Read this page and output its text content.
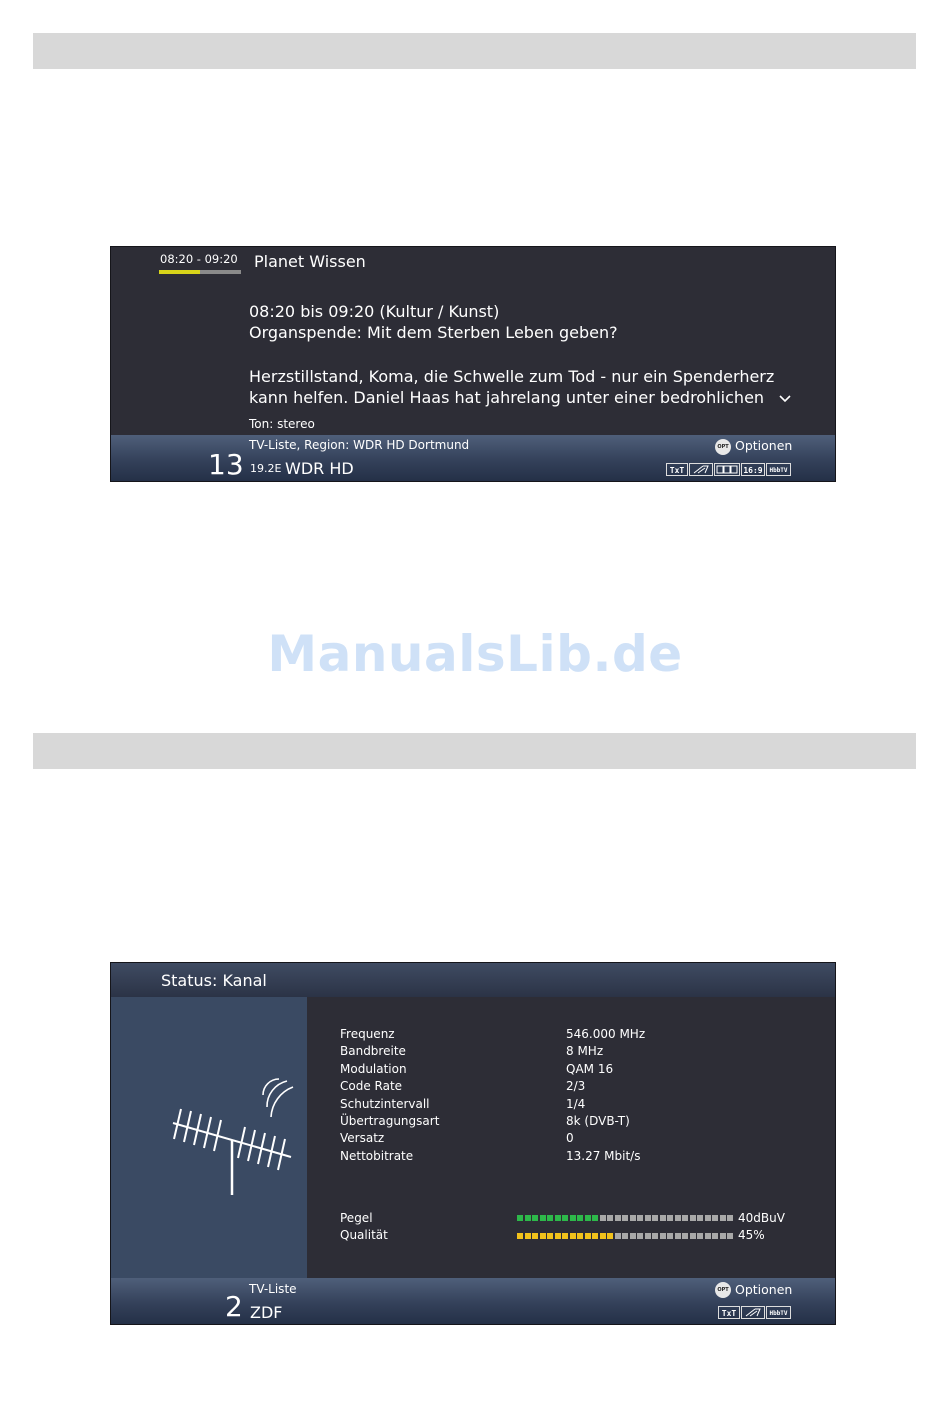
ManualsLib.de
08:20 - 09:20 Planet Wissen
08:20 bis 09:20 (Kultur / Kunst)
Organspende: Mit dem Sterben Leben geben?
Herzstillstand, Koma, die Schwelle zum Tod - nur ein Spenderherz
kann helfen. Daniel Haas hat jahrelang unter einer bedrohlichen
Ton: stereo
TV-Liste, Region: WDR HD Dortmund	OPT Optionen
13 19.2E WDR HD	TxT	16:9	HbbTV
Status: Kanal
Frequenz	546.000 MHz
Bandbreite	8 MHz
Modulation	QAM 16
Code Rate	2/3
Schutzintervall	1/4
Übertragungsart	8k (DVB-T)
Versatz	0
Nettobitrate	13.27 Mbit/s
Pegel	40dBuV
Qualität	45%
TV-Liste	OPT Optionen
2 ZDF	TxT	HbbTV
